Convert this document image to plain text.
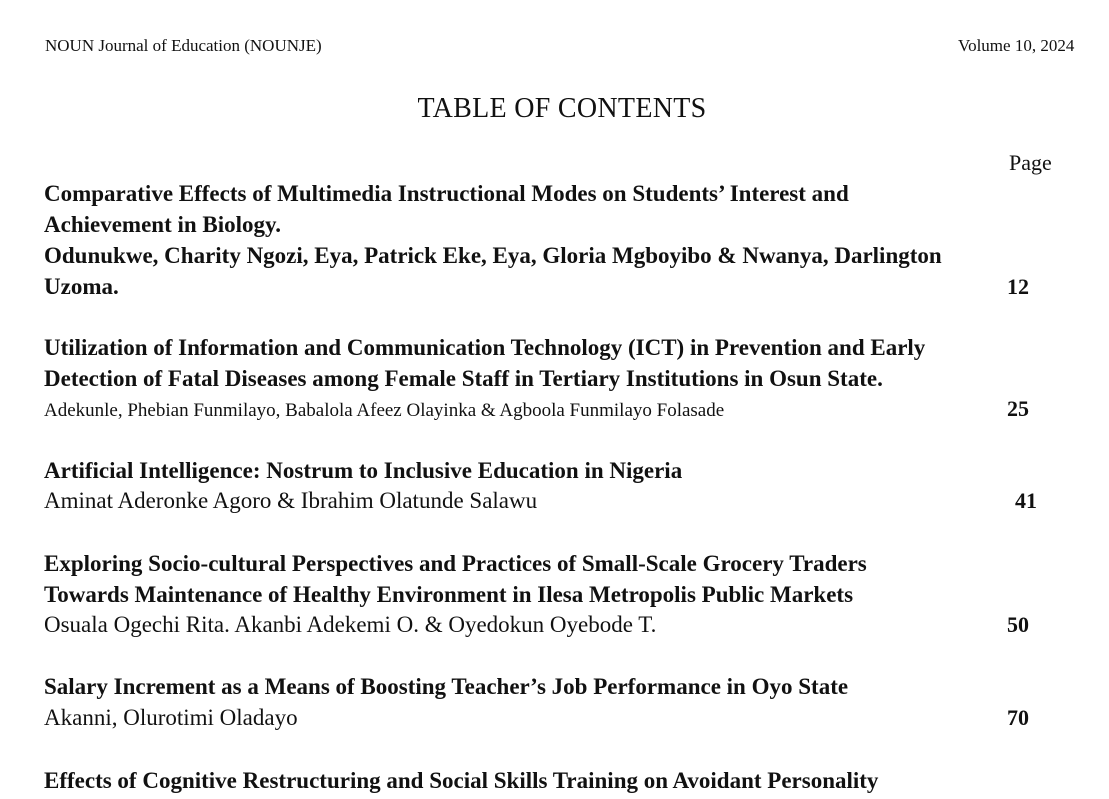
NOUN Journal of Education (NOUNJE)	Volume 10, 2024
TABLE OF CONTENTS
Page
Comparative Effects of Multimedia Instructional Modes on Students’ Interest and
Achievement in Biology.
Odunukwe, Charity Ngozi, Eya, Patrick Eke, Eya, Gloria Mgboyibo & Nwanya, Darlington
Uzoma.	12
Utilization of Information and Communication Technology (ICT) in Prevention and Early
Detection of Fatal Diseases among Female Staff in Tertiary Institutions in Osun State.
Adekunle, Phebian Funmilayo, Babalola Afeez Olayinka & Agboola Funmilayo Folasade	25
Artificial Intelligence: Nostrum to Inclusive Education in Nigeria
Aminat Aderonke Agoro & Ibrahim Olatunde Salawu	41
Exploring Socio-cultural Perspectives and Practices of Small-Scale Grocery Traders
Towards Maintenance of Healthy Environment in Ilesa Metropolis Public Markets
Osuala Ogechi Rita. Akanbi Adekemi O. & Oyedokun Oyebode T.	50
Salary Increment as a Means of Boosting Teacher’s Job Performance in Oyo State
Akanni, Olurotimi Oladayo	70
Effects of Cognitive Restructuring and Social Skills Training on Avoidant Personality
